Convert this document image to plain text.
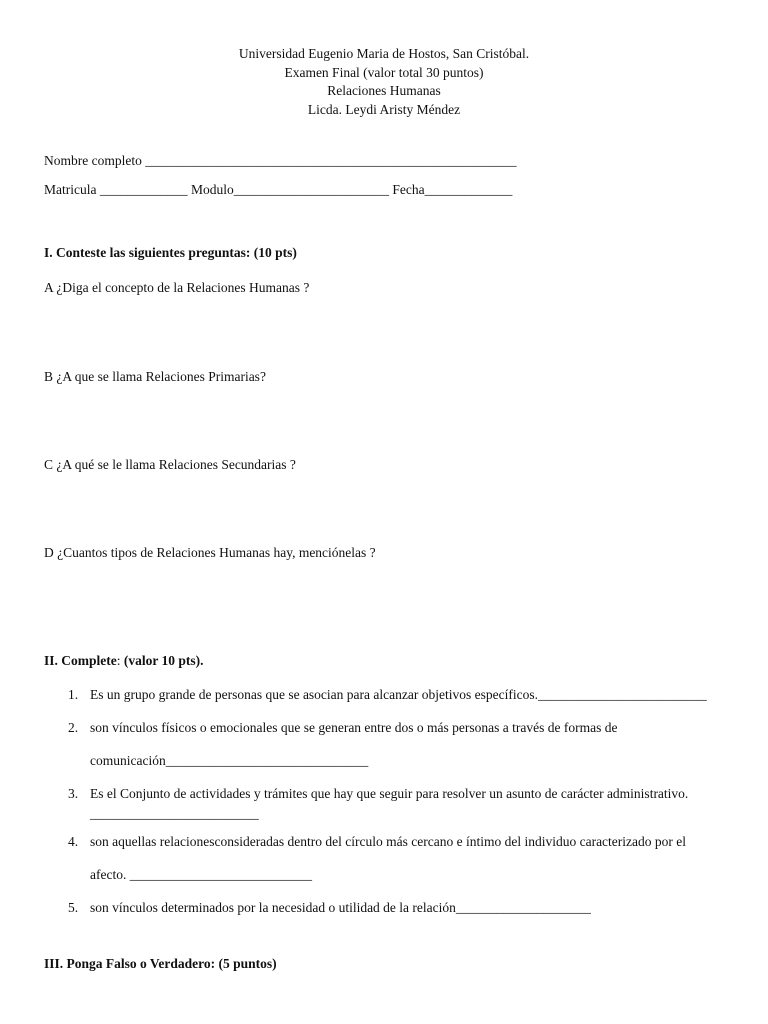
Universidad Eugenio Maria de Hostos, San Cristóbal.
Examen Final (valor total 30 puntos)
Relaciones Humanas
Licda. Leydi Aristy Méndez
Nombre completo _______________________________________________________
Matricula _____________ Modulo_______________________ Fecha_____________
I. Conteste las siguientes preguntas: (10 pts)
A ¿Diga el concepto de la Relaciones Humanas ?
B ¿A que se llama Relaciones Primarias?
C ¿A qué se le llama Relaciones Secundarias ?
D ¿Cuantos tipos de Relaciones Humanas hay, menciónelas ?
II. Complete: (valor 10 pts).
1. Es un grupo grande de personas que se asocian para alcanzar objetivos específicos._________________________
2. son vínculos físicos o emocionales que se generan entre dos o más personas a través de formas de
comunicación______________________________
3. Es el Conjunto de actividades y trámites que hay que seguir para resolver un asunto de carácter administrativo.
_________________________
4. son aquellas relacionesconsideradas dentro del círculo más cercano e íntimo del individuo caracterizado por el
afecto. ___________________________
5. son vínculos determinados por la necesidad o utilidad de la relación____________________
III. Ponga Falso o Verdadero: (5 puntos)
